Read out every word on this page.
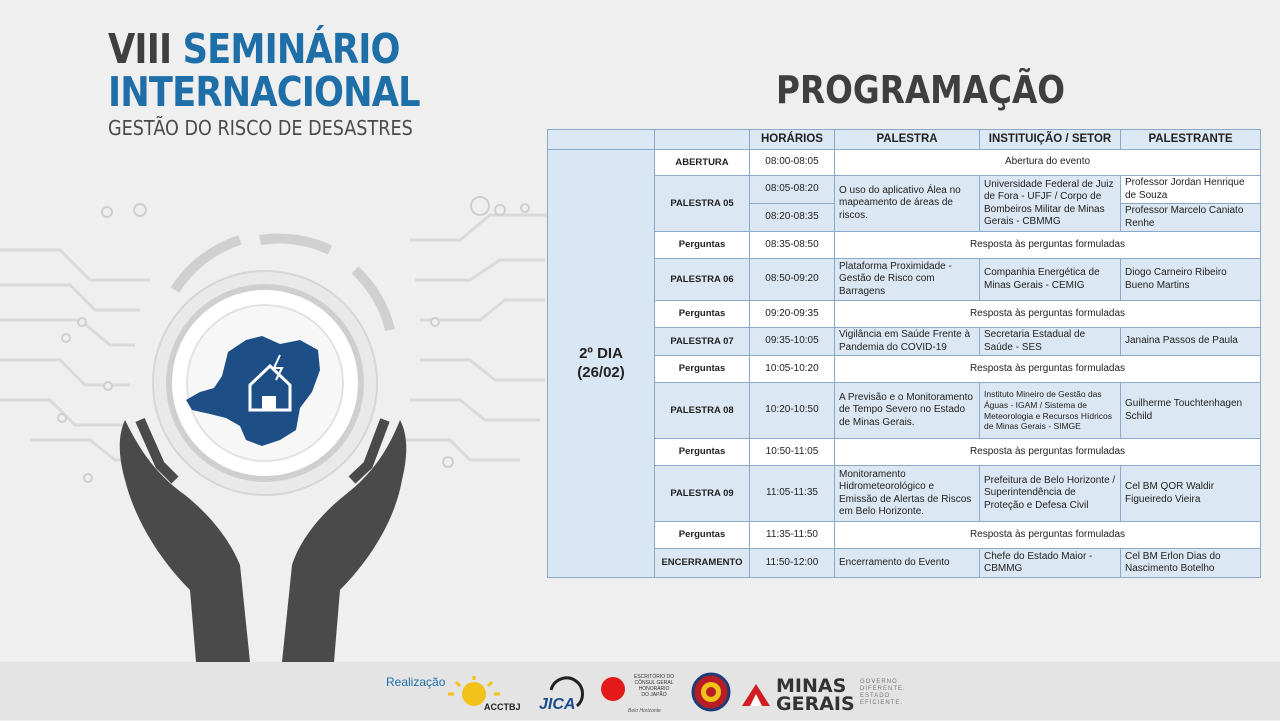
VIII SEMINÁRIO
INTERNACIONAL
GESTÃO DO RISCO DE DESASTRES
PROGRAMAÇÃO
		HORÁRIOS	PALESTRA	INSTITUIÇÃO / SETOR	PALESTRANTE

2º DIA
(26/02)	ABERTURA	08:00-08:05	Abertura do evento		
	PALESTRA 05	08:05-08:20	O uso do aplicativo Álea no mapeamento de áreas de riscos.	Universidade Federal de Juiz de Fora - UFJF / Corpo de Bombeiros Militar de Minas Gerais - CBMMG	Professor Jordan Henrique de Souza
		08:20-08:35			Professor Marcelo Caniato Renhe
	Perguntas	08:35-08:50	Resposta às perguntas formuladas		
	PALESTRA 06	08:50-09:20	Plataforma Proximidade - Gestão de Risco com Barragens	Companhia Energética de Minas Gerais - CEMIG	Diogo Carneiro Ribeiro Bueno Martins
	Perguntas	09:20-09:35	Resposta às perguntas formuladas		
	PALESTRA 07	09:35-10:05	Vigilância em Saúde Frente à Pandemia do COVID-19	Secretaria Estadual de Saúde - SES	Janaina Passos de Paula
	Perguntas	10:05-10:20	Resposta às perguntas formuladas		
	PALESTRA 08	10:20-10:50	A Previsão e o Monitoramento de Tempo Severo no Estado de Minas Gerais.	Instituto Mineiro de Gestão das Águas - IGAM / Sistema de Meteorologia e Recursos Hídricos de Minas Gerais - SIMGE	Guilherme Touchtenhagen Schild
	Perguntas	10:50-11:05	Resposta às perguntas formuladas		
	PALESTRA 09	11:05-11:35	Monitoramento Hidrometeorológico e Emissão de Alertas de Riscos em Belo Horizonte.	Prefeitura de Belo Horizonte / Superintendência de Proteção e Defesa Civil	Cel BM QOR Waldir Figueiredo Vieira
	Perguntas	11:35-11:50	Resposta às perguntas formuladas		
	ENCERRAMENTO	11:50-12:00	Encerramento do Evento	Chefe do Estado Maior - CBMMG	Cel BM Erlon Dias do Nascimento Botelho
Realização
ACCTBJ JICA
ESCRITÓRIO DO
CÔNSUL GERAL
HONORÁRIO
DO JAPÃO
Belo Horizonte
MINAS
GERAIS
GOVERNO
DIFERENTE.
ESTADO
EFICIENTE.
